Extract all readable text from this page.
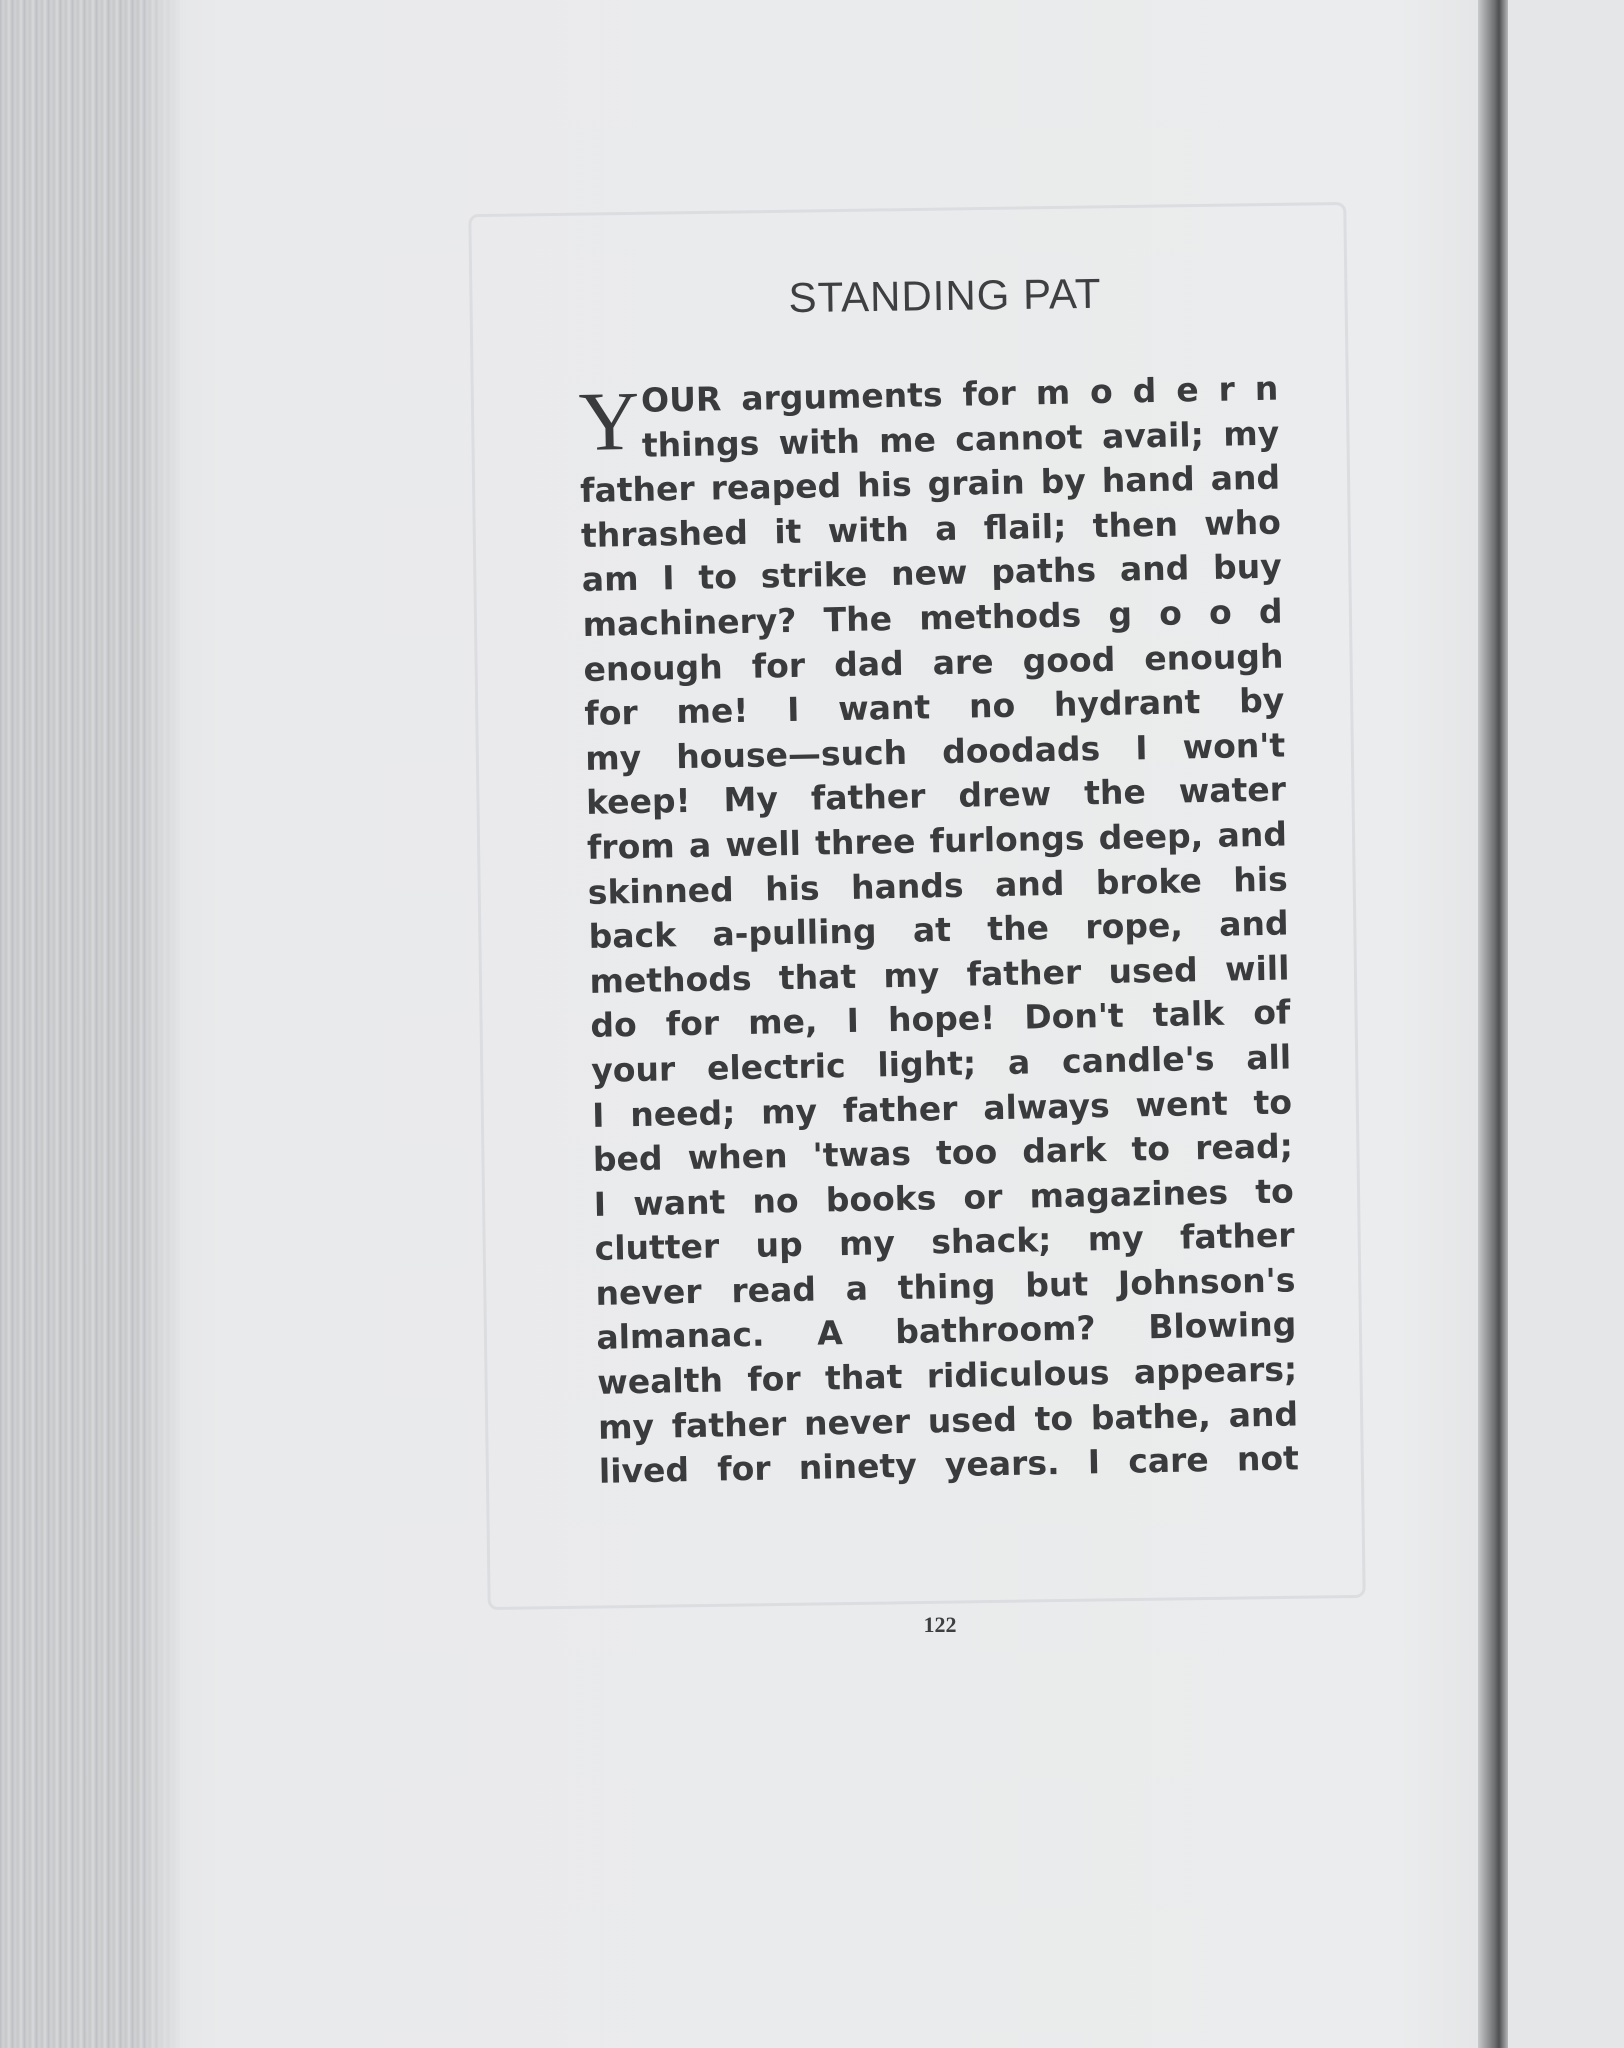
STANDING PAT
Y OUR arguments for m o d e r n
things with me cannot avail; my
father reaped his grain by hand and
thrashed it with a flail; then who
am I to strike new paths and buy
machinery? The methods g o o d
enough for dad are good enough
for me! I want no hydrant by
my house—such doodads I won't
keep! My father drew the water
from a well three furlongs deep, and
skinned his hands and broke his
back a-pulling at the rope, and
methods that my father used will
do for me, I hope! Don't talk of
your electric light; a candle's all
I need; my father always went to
bed when 'twas too dark to read;
I want no books or magazines to
clutter up my shack; my father
never read a thing but Johnson's
almanac. A bathroom? Blowing
wealth for that ridiculous appears;
my father never used to bathe, and
lived for ninety years. I care not
122
